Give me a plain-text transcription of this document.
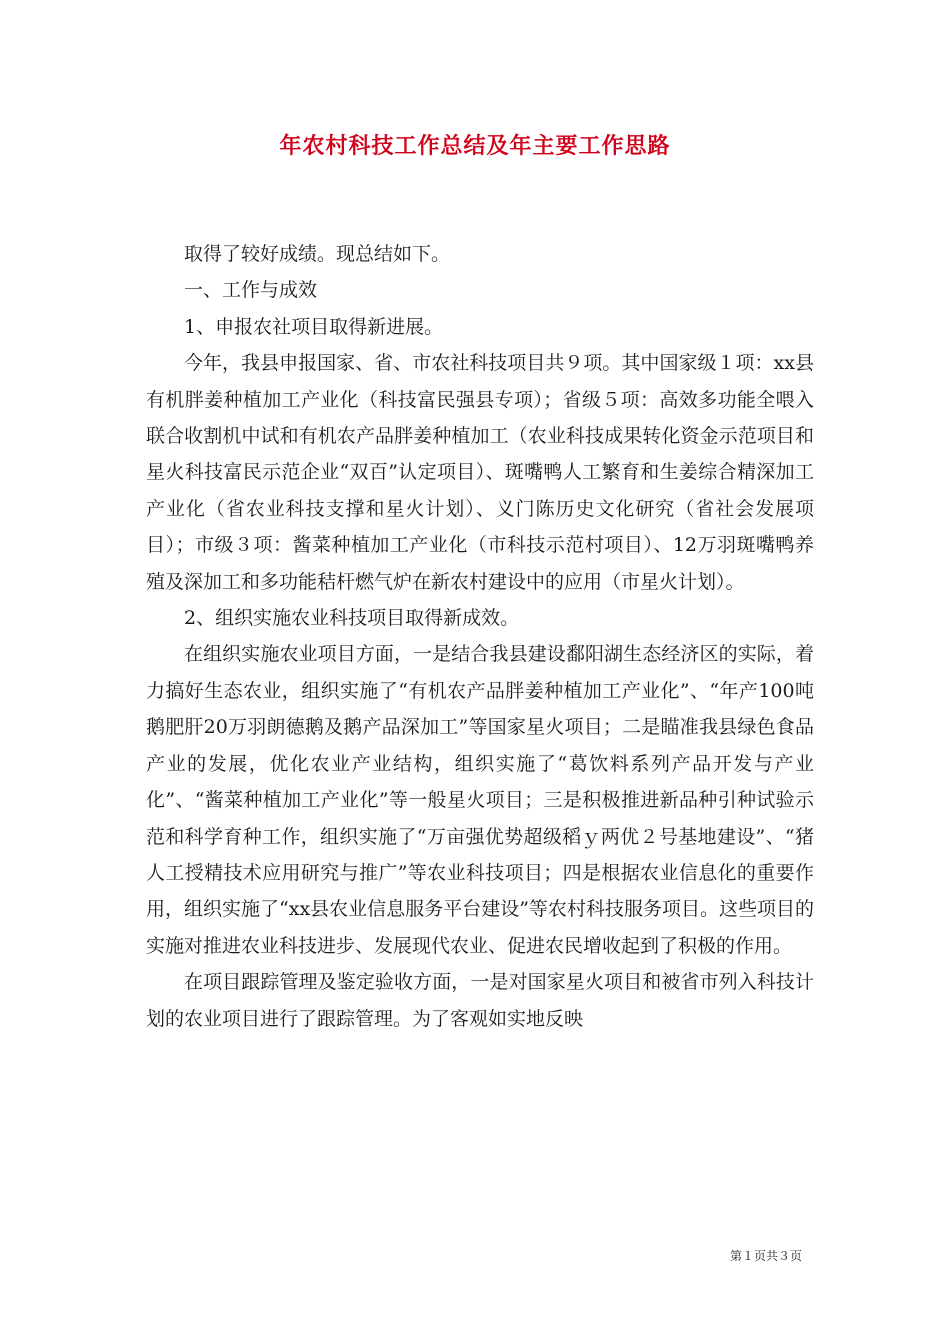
年农村科技工作总结及年主要工作思路

取得了较好成绩。现总结如下。

一、工作与成效

1、申报农社项目取得新进展。

今年，我县申报国家、省、市农社科技项目共９项。其中国家级１项：xx县有机胖姜种植加工产业化（科技富民强县专项）；省级５项：高效多功能全喂入联合收割机中试和有机农产品胖姜种植加工（农业科技成果转化资金示范项目和星火科技富民示范企业“双百”认定项目）、斑嘴鸭人工繁育和生姜综合精深加工产业化（省农业科技支撑和星火计划）、义门陈历史文化研究（省社会发展项目）；市级３项：酱菜种植加工产业化（市科技示范村项目）、12万羽斑嘴鸭养殖及深加工和多功能秸杆燃气炉在新农村建设中的应用（市星火计划）。

2、组织实施农业科技项目取得新成效。

在组织实施农业项目方面，一是结合我县建设鄱阳湖生态经济区的实际，着力搞好生态农业，组织实施了“有机农产品胖姜种植加工产业化”、“年产100吨鹅肥肝20万羽朗德鹅及鹅产品深加工”等国家星火项目；二是瞄准我县绿色食品产业的发展，优化农业产业结构，组织实施了“葛饮料系列产品开发与产业化”、“酱菜种植加工产业化”等一般星火项目；三是积极推进新品种引种试验示范和科学育种工作，组织实施了“万亩强优势超级稻ｙ两优２号基地建设”、“猪人工授精技术应用研究与推广”等农业科技项目；四是根据农业信息化的重要作用，组织实施了“xx县农业信息服务平台建设”等农村科技服务项目。这些项目的实施对推进农业科技进步、发展现代农业、促进农民增收起到了积极的作用。

在项目跟踪管理及鉴定验收方面，一是对国家星火项目和被省市列入科技计划的农业项目进行了跟踪管理。为了客观如实地反映

第１页共３页
